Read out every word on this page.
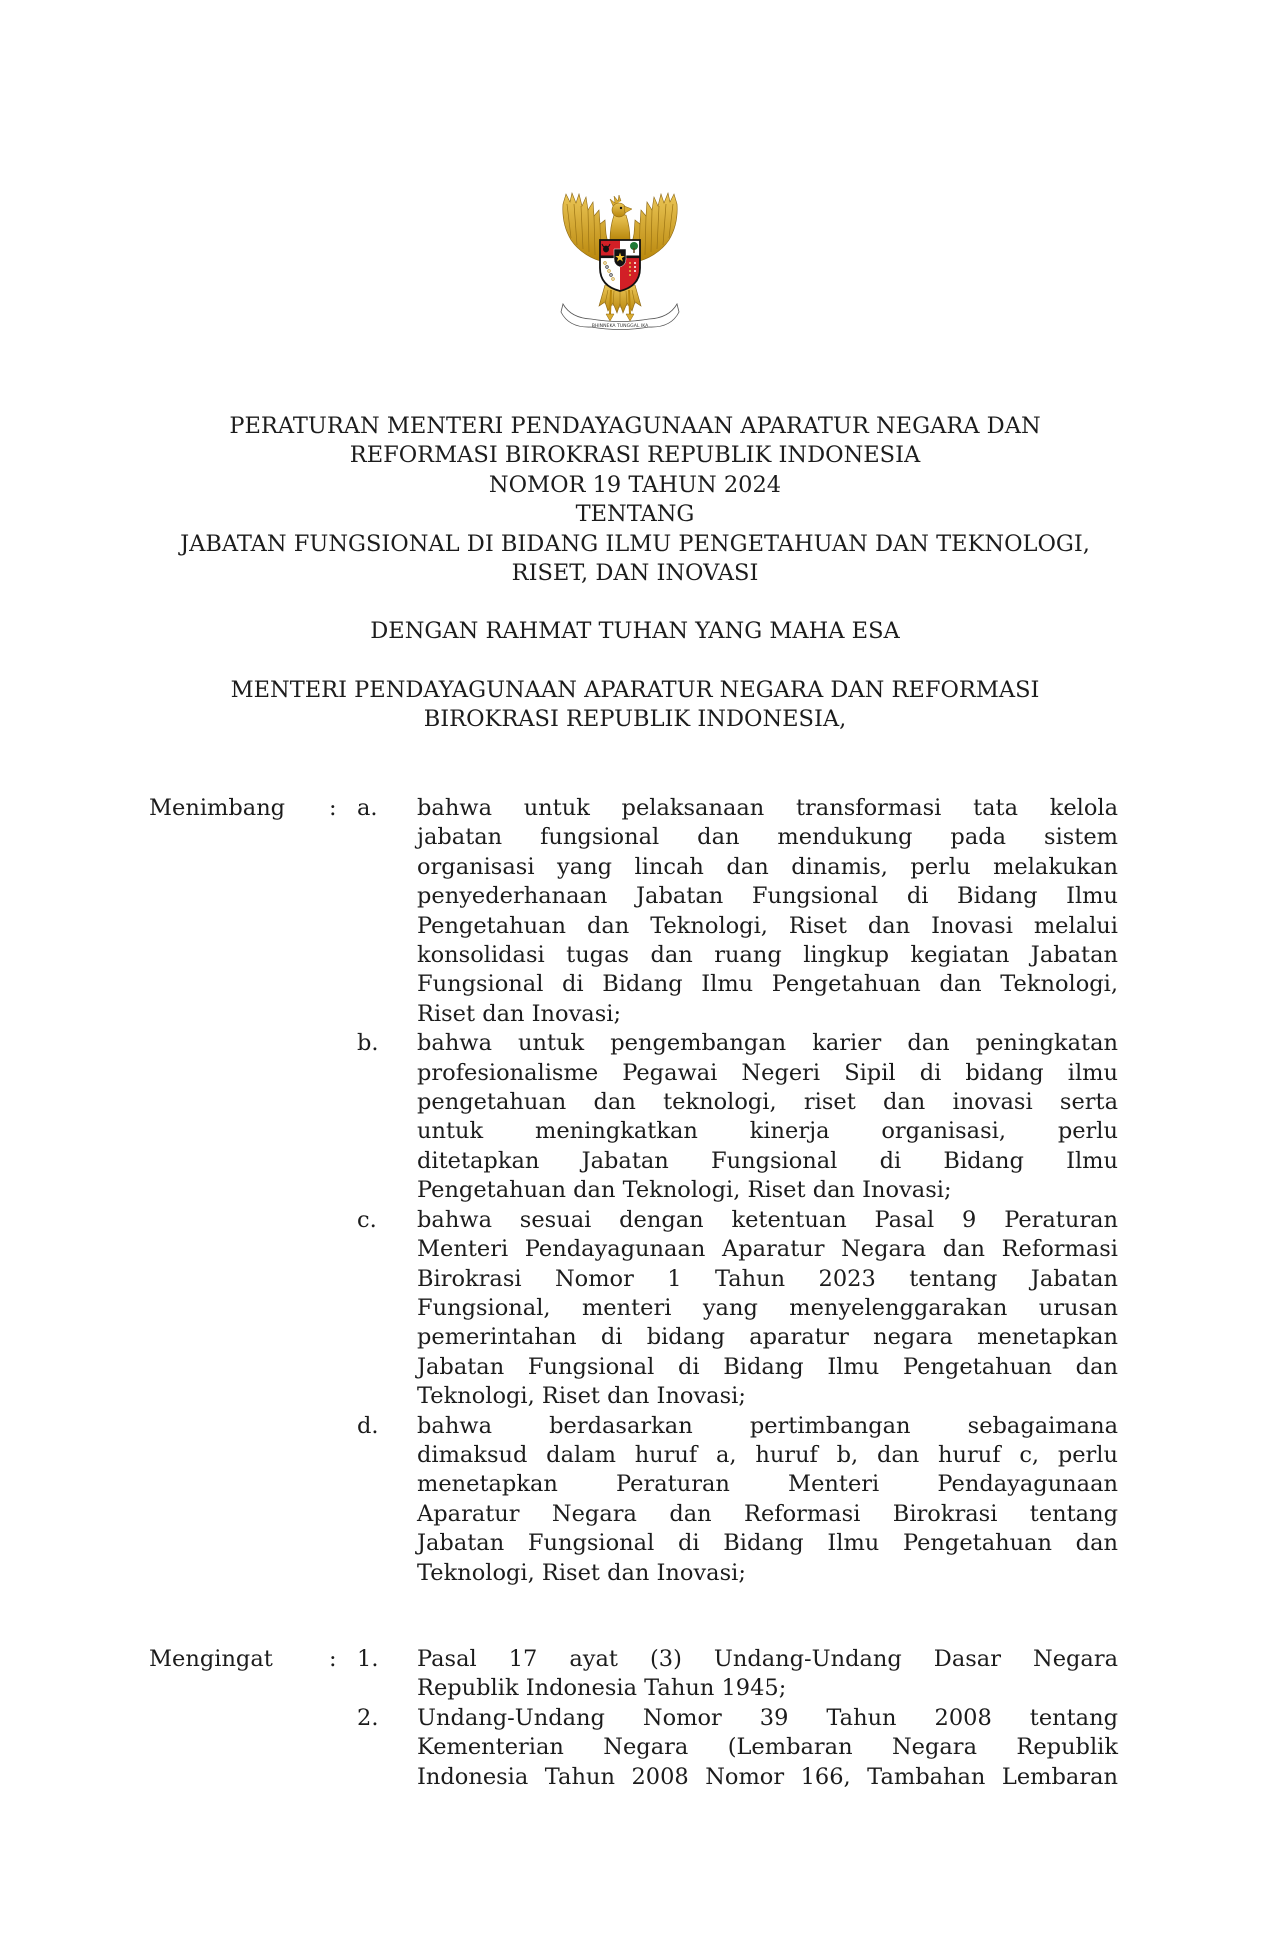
BHINNEKA TUNGGAL IKA
PERATURAN MENTERI PENDAYAGUNAAN APARATUR NEGARA DAN
REFORMASI BIROKRASI REPUBLIK INDONESIA
NOMOR 19 TAHUN 2024
TENTANG
JABATAN FUNGSIONAL DI BIDANG ILMU PENGETAHUAN DAN TEKNOLOGI,
RISET, DAN INOVASI
DENGAN RAHMAT TUHAN YANG MAHA ESA
MENTERI PENDAYAGUNAAN APARATUR NEGARA DAN REFORMASI
BIROKRASI REPUBLIK INDONESIA,
Menimbang : a. bahwa untuk pelaksanaan transformasi tata kelola
jabatan fungsional dan mendukung pada sistem
organisasi yang lincah dan dinamis, perlu melakukan
penyederhanaan Jabatan Fungsional di Bidang Ilmu
Pengetahuan dan Teknologi, Riset dan Inovasi melalui
konsolidasi tugas dan ruang lingkup kegiatan Jabatan
Fungsional di Bidang Ilmu Pengetahuan dan Teknologi,
Riset dan Inovasi;
b. bahwa untuk pengembangan karier dan peningkatan
profesionalisme Pegawai Negeri Sipil di bidang ilmu
pengetahuan dan teknologi, riset dan inovasi serta
untuk meningkatkan kinerja organisasi, perlu
ditetapkan Jabatan Fungsional di Bidang Ilmu
Pengetahuan dan Teknologi, Riset dan Inovasi;
c. bahwa sesuai dengan ketentuan Pasal 9 Peraturan
Menteri Pendayagunaan Aparatur Negara dan Reformasi
Birokrasi Nomor 1 Tahun 2023 tentang Jabatan
Fungsional, menteri yang menyelenggarakan urusan
pemerintahan di bidang aparatur negara menetapkan
Jabatan Fungsional di Bidang Ilmu Pengetahuan dan
Teknologi, Riset dan Inovasi;
d. bahwa berdasarkan pertimbangan sebagaimana
dimaksud dalam huruf a, huruf b, dan huruf c, perlu
menetapkan Peraturan Menteri Pendayagunaan
Aparatur Negara dan Reformasi Birokrasi tentang
Jabatan Fungsional di Bidang Ilmu Pengetahuan dan
Teknologi, Riset dan Inovasi;
Mengingat : 1. Pasal 17 ayat (3) Undang-Undang Dasar Negara
Republik Indonesia Tahun 1945;
2. Undang-Undang Nomor 39 Tahun 2008 tentang
Kementerian Negara (Lembaran Negara Republik
Indonesia Tahun 2008 Nomor 166, Tambahan Lembaran
